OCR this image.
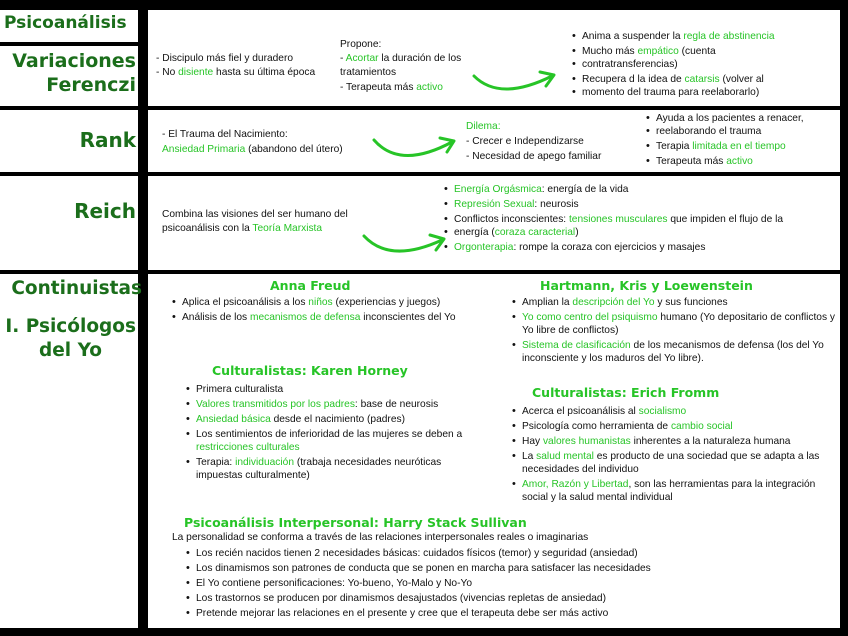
Psicoanálisis
Variaciones
Ferenczi
Rank
Reich
Continuistas
I. Psicólogos
del Yo
- Discipulo más fiel y duradero
- No disiente hasta su última época
Propone:
- Acortar la duración de los
tratamientos
- Terapeuta más activo
• Anima a suspender la regla de abstinencia
• Mucho más empático (cuenta
• contratransferencias)
• Recupera d la idea de catarsis (volver al
• momento del trauma para reelaborarlo)
- El Trauma del Nacimiento:
Ansiedad Primaria (abandono del útero)
Dilema:
- Crecer e Independizarse
- Necesidad de apego familiar
• Ayuda a los pacientes a renacer,
• reelaborando el trauma
• Terapia limitada en el tiempo
• Terapeuta más activo
Combina las visiones del ser humano del
psicoanálisis con la Teoría Marxista
• Energía Orgásmica: energía de la vida
• Represión Sexual: neurosis
• Conflictos inconscientes: tensiones musculares que impiden el flujo de la
• energía (coraza caracterial)
• Orgonterapia: rompe la coraza con ejercicios y masajes
Anna Freud
• Aplica el psicoanálisis a los niños (experiencias y juegos)
• Análisis de los mecanismos de defensa inconscientes del Yo
Culturalistas: Karen Horney
• Primera culturalista
• Valores transmitidos por los padres: base de neurosis
• Ansiedad básica desde el nacimiento (padres)
• Los sentimientos de inferioridad de las mujeres se deben a restricciones culturales
• Terapia: individuación (trabaja necesidades neuróticas impuestas culturalmente)
Hartmann, Kris y Loewenstein
• Amplian la descripción del Yo y sus funciones
• Yo como centro del psiquismo humano (Yo depositario de conflictos y Yo libre de conflictos)
• Sistema de clasificación de los mecanismos de defensa (los del Yo inconsciente y los maduros del Yo libre).
Culturalistas: Erich Fromm
• Acerca el psicoanálisis al socialismo
• Psicología como herramienta de cambio social
• Hay valores humanistas inherentes a la naturaleza humana
• La salud mental es producto de una sociedad que se adapta a las necesidades del individuo
• Amor, Razón y Libertad, son las herramientas para la integración social y la salud mental individual
Psicoanálisis Interpersonal: Harry Stack Sullivan
La personalidad se conforma a través de las relaciones interpersonales reales o imaginarias
• Los recién nacidos tienen 2 necesidades básicas: cuidados físicos (temor) y seguridad (ansiedad)
• Los dinamismos son patrones de conducta que se ponen en marcha para satisfacer las necesidades
• El Yo contiene personificaciones: Yo-bueno, Yo-Malo y No-Yo
• Los trastornos se producen por dinamismos desajustados (vivencias repletas de ansiedad)
• Pretende mejorar las relaciones en el presente y cree que el terapeuta debe ser más activo
